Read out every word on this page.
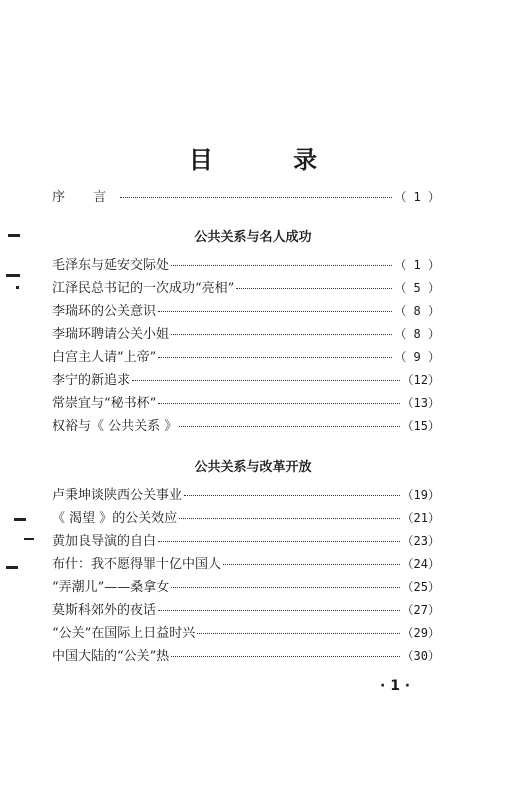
目 录
序 言	（ 1 ）
公共关系与名人成功
毛泽东与延安交际处	（ 1 ）
江泽民总书记的一次成功“亮相”	（ 5 ）
李瑞环的公关意识	（ 8 ）
李瑞环聘请公关小姐	（ 8 ）
白宫主人请“上帝”	（ 9 ）
李宁的新追求	（12）
常崇宜与“秘书杯”	（13）
权裕与《 公共关系 》	（15）
公共关系与改革开放
卢秉坤谈陕西公关事业	（19）
《 渴望 》的公关效应	（21）
黄加良导演的自白	（23）
布什：我不愿得罪十亿中国人	（24）
“弄潮儿”——桑拿女	（25）
莫斯科郊外的夜话	（27）
“公关”在国际上日益时兴	（29）
中国大陆的“公关”热	（30）
· 1 ·
